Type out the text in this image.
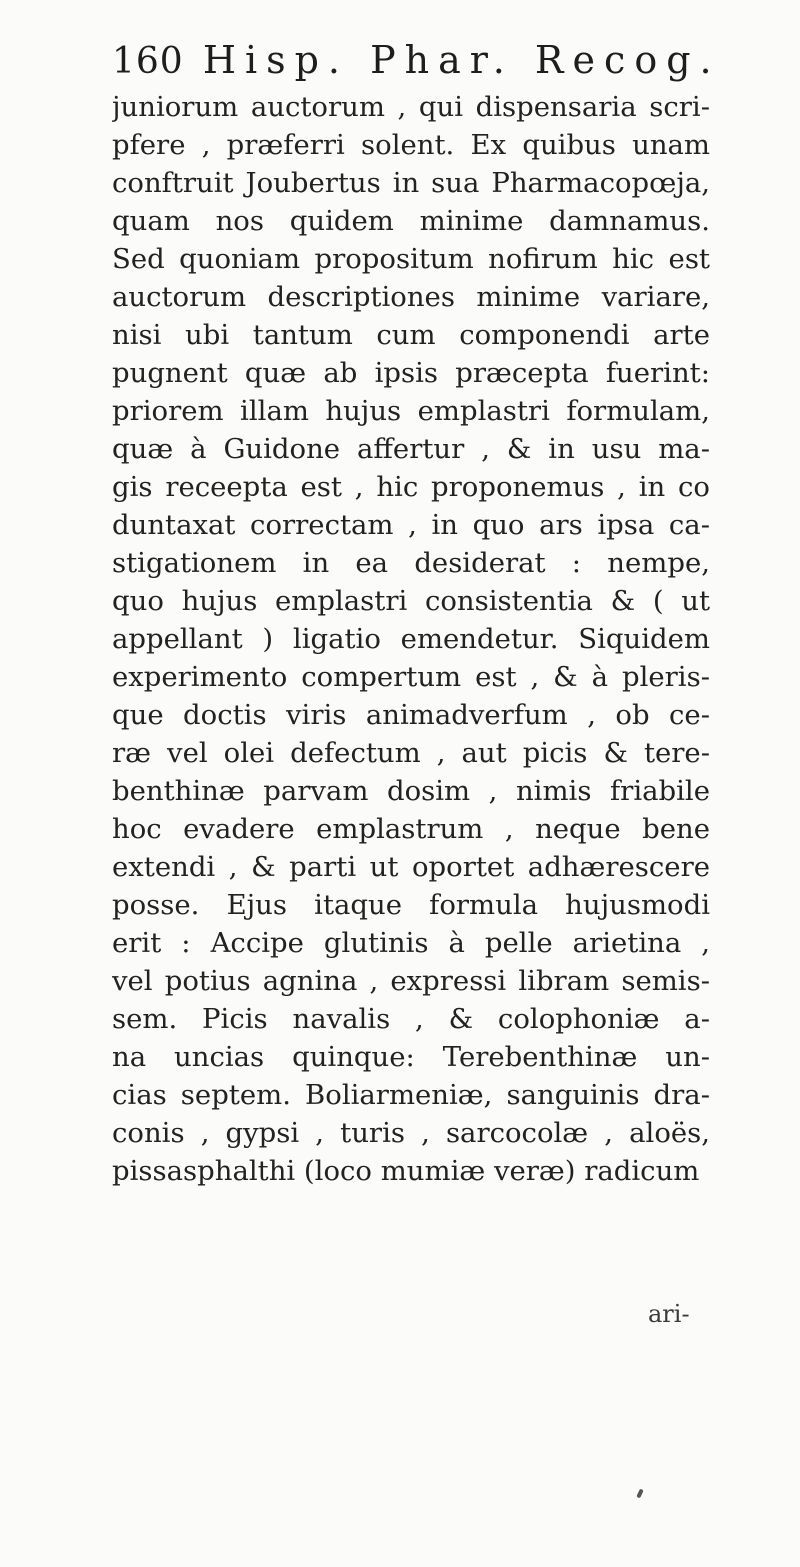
160 Hisp. Phar. Recog.
juniorum auctorum , qui dispensaria scri-
pfere , præferri solent. Ex quibus unam
conftruit Joubertus in sua Pharmacopœja,
quam nos quidem minime damnamus.
Sed quoniam propositum nofirum hic est
auctorum descriptiones minime variare,
nisi ubi tantum cum componendi arte
pugnent quæ ab ipsis præcepta fuerint:
priorem illam hujus emplastri formulam,
quæ à Guidone affertur , & in usu ma-
gis receepta est , hic proponemus , in co
duntaxat correctam , in quo ars ipsa ca-
stigationem in ea desiderat : nempe,
quo hujus emplastri consistentia & ( ut
appellant ) ligatio emendetur. Siquidem
experimento compertum est , & à pleris-
que doctis viris animadverfum , ob ce-
ræ vel olei defectum , aut picis & tere-
benthinæ parvam dosim , nimis friabile
hoc evadere emplastrum , neque bene
extendi , & parti ut oportet adhærescere
posse. Ejus itaque formula hujusmodi
erit : Accipe glutinis à pelle arietina ,
vel potius agnina , expressi libram semis-
sem. Picis navalis , & colophoniæ a-
na uncias quinque: Terebenthinæ un-
cias septem. Boliarmeniæ, sanguinis dra-
conis , gypsi , turis , sarcocolæ , aloës,
pissasphalthi (loco mumiæ veræ) radicum
ari-
